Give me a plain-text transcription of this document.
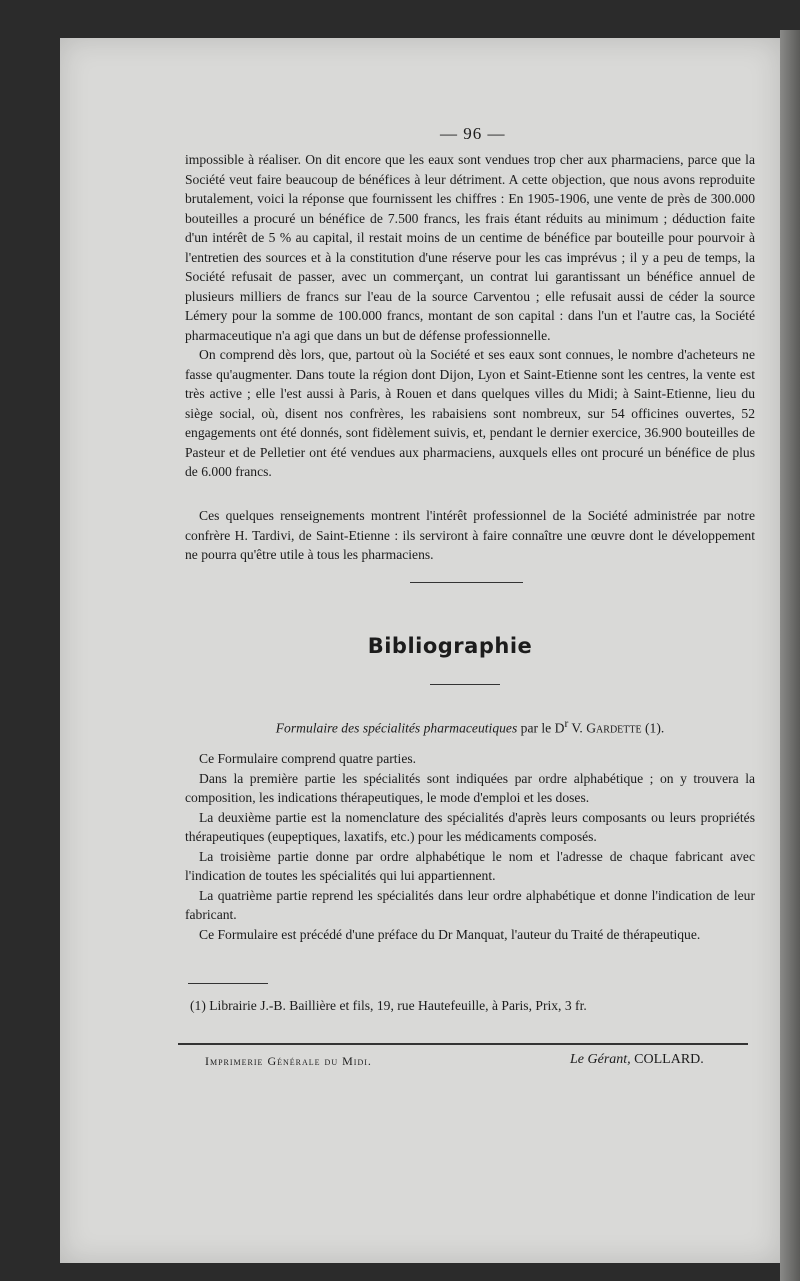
— 96 —

impossible à réaliser. On dit encore que les eaux sont vendues trop cher aux pharmaciens, parce que la Société veut faire beaucoup de bénéfices à leur détriment. A cette objection, que nous avons reproduite brutalement, voici la réponse que fournissent les chiffres : En 1905-1906, une vente de près de 300.000 bouteilles a procuré un bénéfice de 7.500 francs, les frais étant réduits au minimum ; déduction faite d'un intérêt de 5 % au capital, il restait moins de un centime de bénéfice par bouteille pour pourvoir à l'entretien des sources et à la constitution d'une réserve pour les cas imprévus ; il y a peu de temps, la Société refusait de passer, avec un commerçant, un contrat lui garantissant un bénéfice annuel de plusieurs milliers de francs sur l'eau de la source Carventou ; elle refusait aussi de céder la source Lémery pour la somme de 100.000 francs, montant de son capital : dans l'un et l'autre cas, la Société pharmaceutique n'a agi que dans un but de défense professionnelle.

On comprend dès lors, que, partout où la Société et ses eaux sont connues, le nombre d'acheteurs ne fasse qu'augmenter. Dans toute la région dont Dijon, Lyon et Saint-Etienne sont les centres, la vente est très active ; elle l'est aussi à Paris, à Rouen et dans quelques villes du Midi; à Saint-Etienne, lieu du siège social, où, disent nos confrères, les rabaisiens sont nombreux, sur 54 officines ouvertes, 52 engagements ont été donnés, sont fidèlement suivis, et, pendant le dernier exercice, 36.900 bouteilles de Pasteur et de Pelletier ont été vendues aux pharmaciens, auxquels elles ont procuré un bénéfice de plus de 6.000 francs.

Ces quelques renseignements montrent l'intérêt professionnel de la Société administrée par notre confrère H. Tardivi, de Saint-Etienne : ils serviront à faire connaître une œuvre dont le développement ne pourra qu'être utile à tous les pharmaciens.

Bibliographie
Formulaire des spécialités pharmaceutiques par le $D^r$ V. Gardette (1).

Ce Formulaire comprend quatre parties.

Dans la première partie les spécialités sont indiquées par ordre alphabétique ; on y trouvera la composition, les indications thérapeutiques, le mode d'emploi et les doses.

La deuxième partie est la nomenclature des spécialités d'après leurs composants ou leurs propriétés thérapeutiques (eupeptiques, laxatifs, etc.) pour les médicaments composés.

La troisième partie donne par ordre alphabétique le nom et l'adresse de chaque fabricant avec l'indication de toutes les spécialités qui lui appartiennent.

La quatrième partie reprend les spécialités dans leur ordre alphabétique et donne l'indication de leur fabricant.

Ce Formulaire est précédé d'une préface du Dr Manquat, l'auteur du Traité de thérapeutique.

(1) Librairie J.-B. Baillière et fils, 19, rue Hautefeuille, à Paris, Prix, 3 fr.
Imprimerie Générale du Midi.	Le Gérant, COLLARD.
